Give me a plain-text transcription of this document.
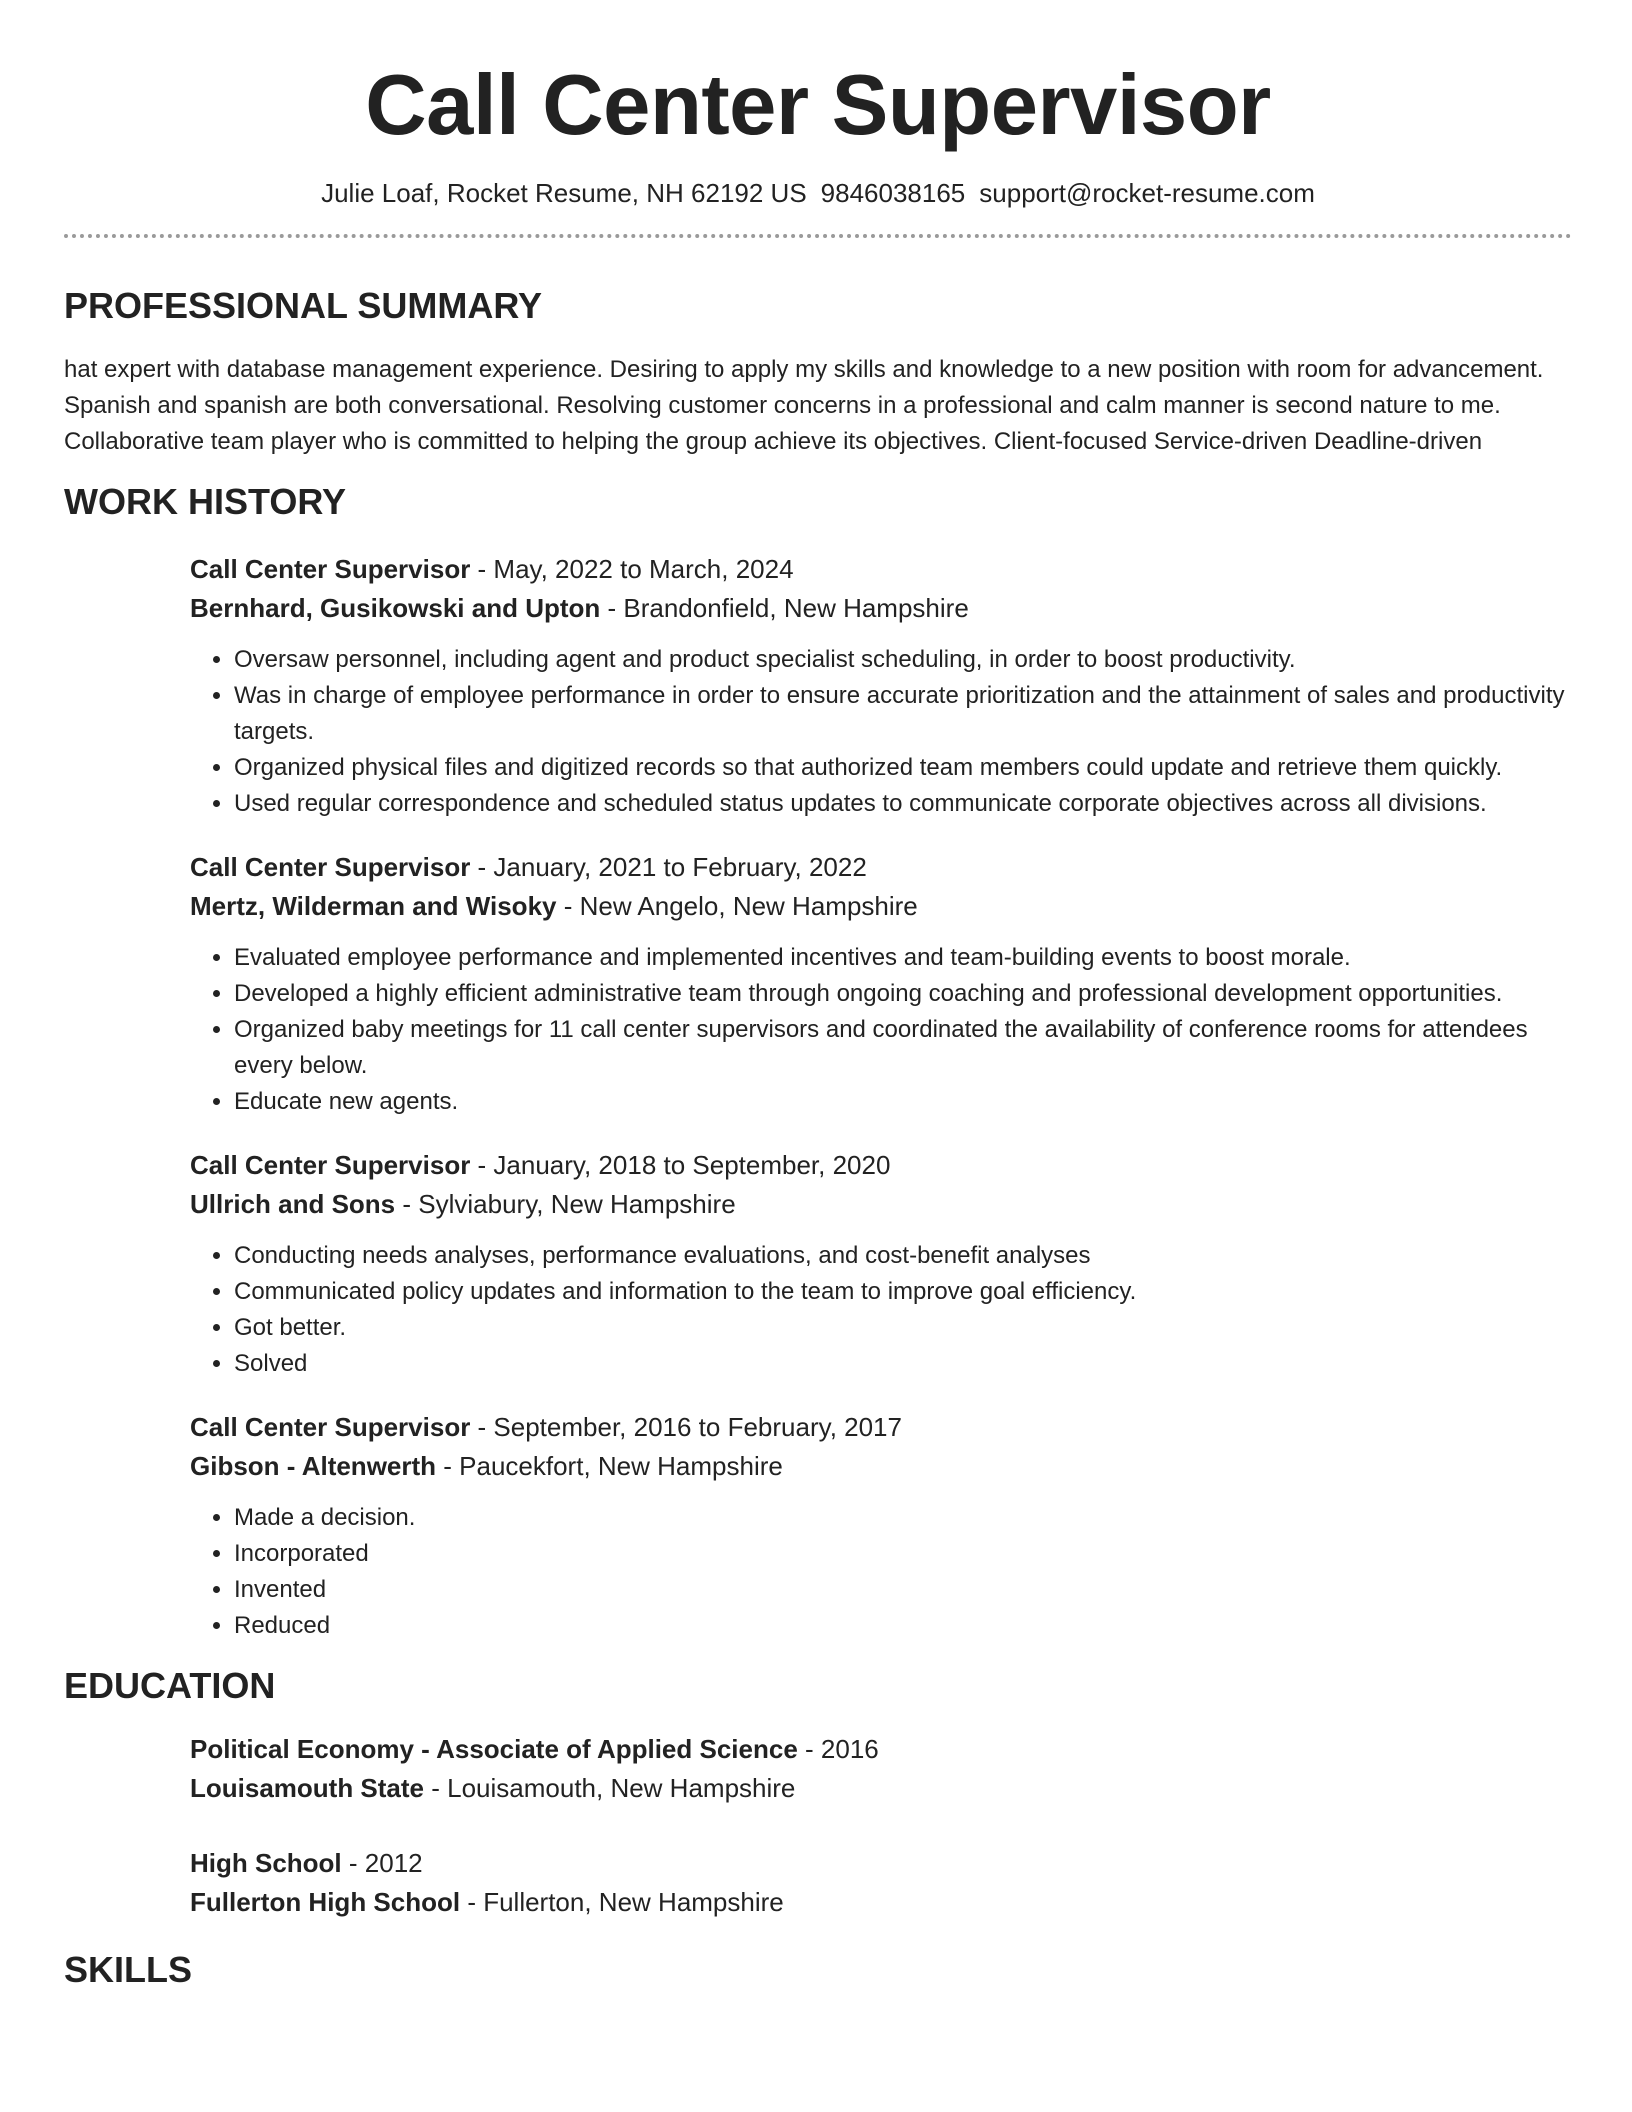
Call Center Supervisor
Julie Loaf, Rocket Resume, NH 62192 US 9846038165 support@rocket-resume.com
PROFESSIONAL SUMMARY

hat expert with database management experience. Desiring to apply my skills and knowledge to a new position with room for advancement. Spanish and spanish are both conversational. Resolving customer concerns in a professional and calm manner is second nature to me. Collaborative team player who is committed to helping the group achieve its objectives. Client-focused Service-driven Deadline-driven

WORK HISTORY
Call Center Supervisor - May, 2022 to March, 2024
Bernhard, Gusikowski and Upton - Brandonfield, New Hampshire
• Oversaw personnel, including agent and product specialist scheduling, in order to boost productivity.
• Was in charge of employee performance in order to ensure accurate prioritization and the attainment of sales and productivity targets.
• Organized physical files and digitized records so that authorized team members could update and retrieve them quickly.
• Used regular correspondence and scheduled status updates to communicate corporate objectives across all divisions.
Call Center Supervisor - January, 2021 to February, 2022
Mertz, Wilderman and Wisoky - New Angelo, New Hampshire
• Evaluated employee performance and implemented incentives and team-building events to boost morale.
• Developed a highly efficient administrative team through ongoing coaching and professional development opportunities.
• Organized baby meetings for 11 call center supervisors and coordinated the availability of conference rooms for attendees every below.
• Educate new agents.
Call Center Supervisor - January, 2018 to September, 2020
Ullrich and Sons - Sylviabury, New Hampshire
• Conducting needs analyses, performance evaluations, and cost-benefit analyses
• Communicated policy updates and information to the team to improve goal efficiency.
• Got better.
• Solved
Call Center Supervisor - September, 2016 to February, 2017
Gibson - Altenwerth - Paucekfort, New Hampshire
• Made a decision.
• Incorporated
• Invented
• Reduced
EDUCATION
Political Economy - Associate of Applied Science - 2016
Louisamouth State - Louisamouth, New Hampshire
High School - 2012
Fullerton High School - Fullerton, New Hampshire
SKILLS
